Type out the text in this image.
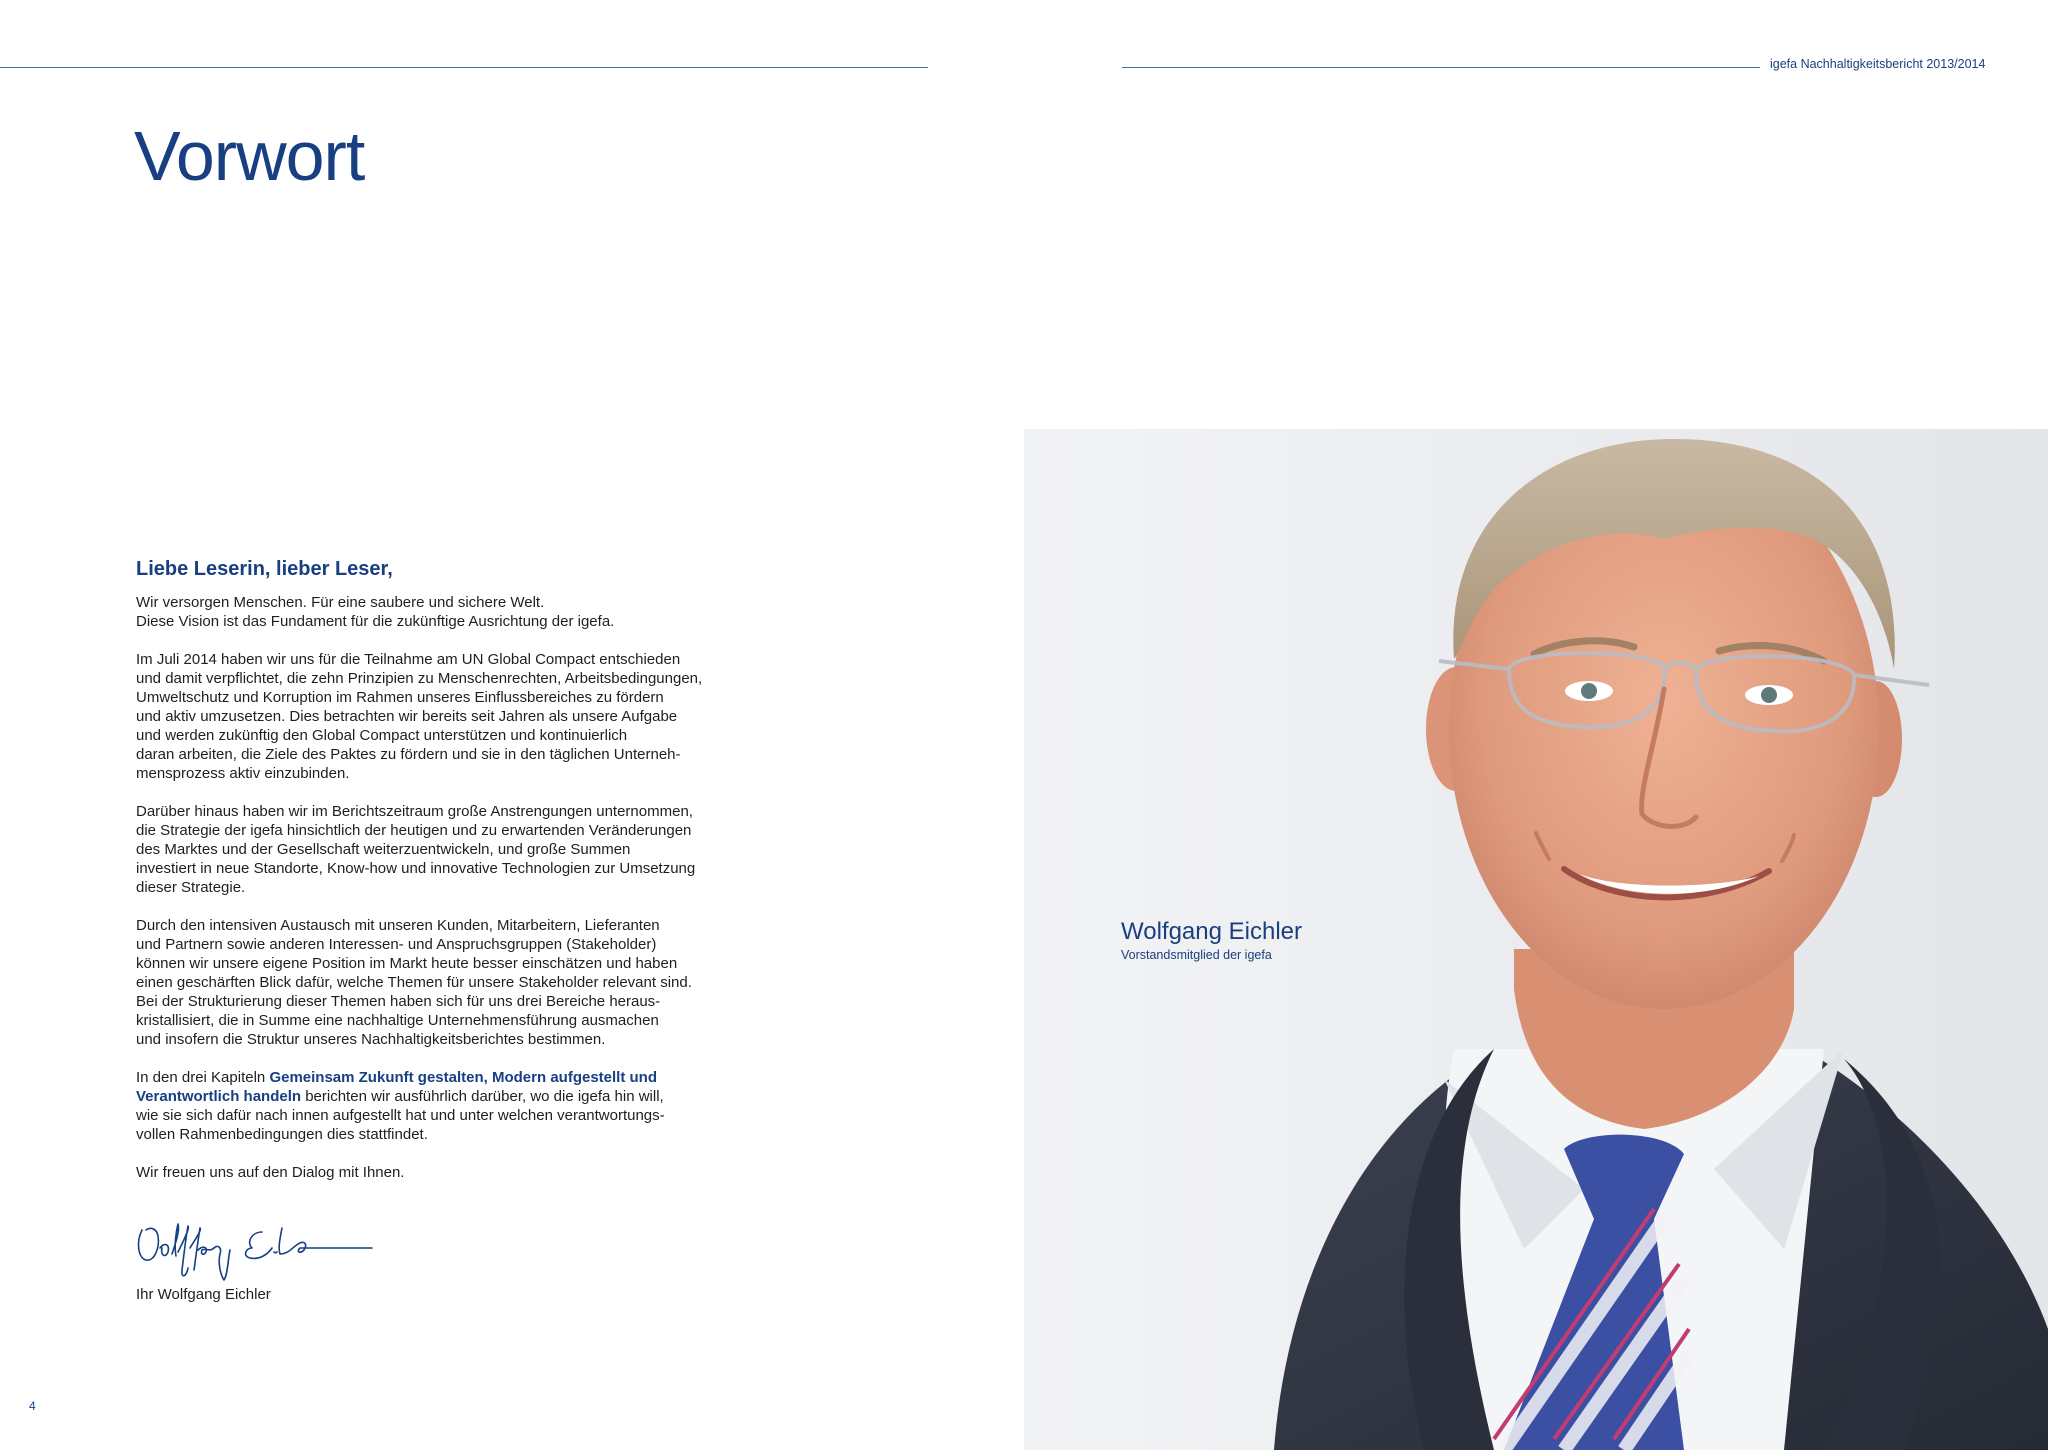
igefa Nachhaltigkeitsbericht 2013/2014
Vorwort
Liebe Leserin, lieber Leser,
Wir versorgen Menschen. Für eine saubere und sichere Welt.
Diese Vision ist das Fundament für die zukünftige Ausrichtung der igefa.
Im Juli 2014 haben wir uns für die Teilnahme am UN Global Compact entschieden
und damit verpflichtet, die zehn Prinzipien zu Menschenrechten, Arbeitsbedingungen,
Umweltschutz und Korruption im Rahmen unseres Einflussbereiches zu fördern
und aktiv umzusetzen. Dies betrachten wir bereits seit Jahren als unsere Aufgabe
und werden zukünftig den Global Compact unterstützen und kontinuierlich
daran arbeiten, die Ziele des Paktes zu fördern und sie in den täglichen Unterneh-
mensprozess aktiv einzubinden.
Darüber hinaus haben wir im Berichtszeitraum große Anstrengungen unternommen,
die Strategie der igefa hinsichtlich der heutigen und zu erwartenden Veränderungen
des Marktes und der Gesellschaft weiterzuentwickeln, und große Summen
investiert in neue Standorte, Know-how und innovative Technologien zur Umsetzung
dieser Strategie.
Durch den intensiven Austausch mit unseren Kunden, Mitarbeitern, Lieferanten
und Partnern sowie anderen Interessen- und Anspruchsgruppen (Stakeholder)
können wir unsere eigene Position im Markt heute besser einschätzen und haben
einen geschärften Blick dafür, welche Themen für unsere Stakeholder relevant sind.
Bei der Strukturierung dieser Themen haben sich für uns drei Bereiche heraus-
kristallisiert, die in Summe eine nachhaltige Unternehmensführung ausmachen
und insofern die Struktur unseres Nachhaltigkeitsberichtes bestimmen.
In den drei Kapiteln Gemeinsam Zukunft gestalten, Modern aufgestellt und
Verantwortlich handeln berichten wir ausführlich darüber, wo die igefa hin will,
wie sie sich dafür nach innen aufgestellt hat und unter welchen verantwortungs-
vollen Rahmenbedingungen dies stattfindet.
Wir freuen uns auf den Dialog mit Ihnen.
Ihr Wolfgang Eichler
4
Wolfgang Eichler
Vorstandsmitglied der igefa
